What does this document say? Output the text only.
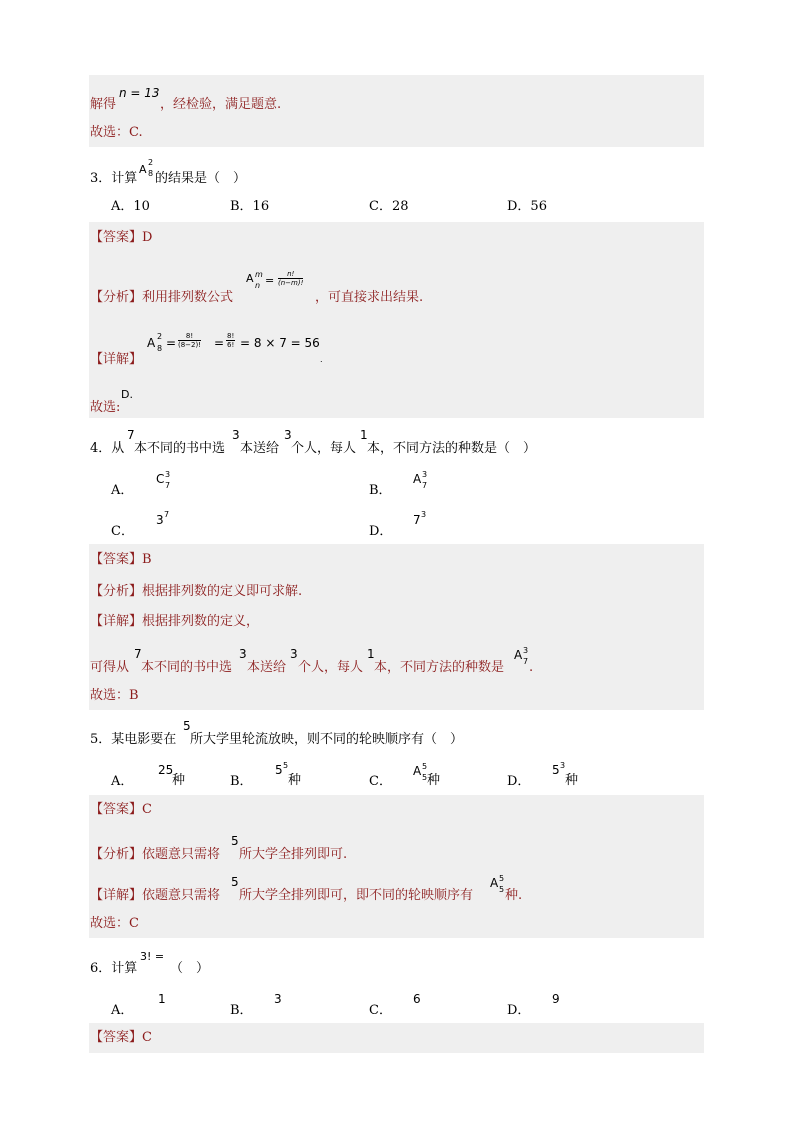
解得
n = 13
，经检验，满足题意.
故选：C.
3．计算
A
2
8 的结果是（　）
A．10	B．16	C．28	D．56
【答案】D
【分析】利用排列数公式
A m
$n = \frac{n!}{(n-m)!}$
，可直接求出结果.
【详解】
A 2
$8 = \frac{8!}{(8-2)!} = \frac{8!}{6!} = 8 \times 7 = 56$
.
故选:
D.
4．从
7
本不同的书中选
3
本送给
3
个人，每人
1
本，不同方法的种数是（　）
A．
C 3
7	B．
A 3
7
C．
3 7
D．
7 3
【答案】B
【分析】根据排列数的定义即可求解.
【详解】根据排列数的定义，
可得从
7
本不同的书中选
3
本送给
3
个人，每人
1
本，不同方法的种数是
A 3
7 .
故选：B
5．某电影要在
5
所大学里轮流放映，则不同的轮映顺序有（　）
A．
25
种	B．
5 5
种	C．
A 5
5 种	D．
5 3
种
【答案】C
【分析】依题意只需将
5
所大学全排列即可.
【详解】依题意只需将
5
所大学全排列即可，即不同的轮映顺序有
A 5
5 种.
故选：C
6．计算
3! =
（　）
A．
1
B．
3
C．
6
D．
9
【答案】C
